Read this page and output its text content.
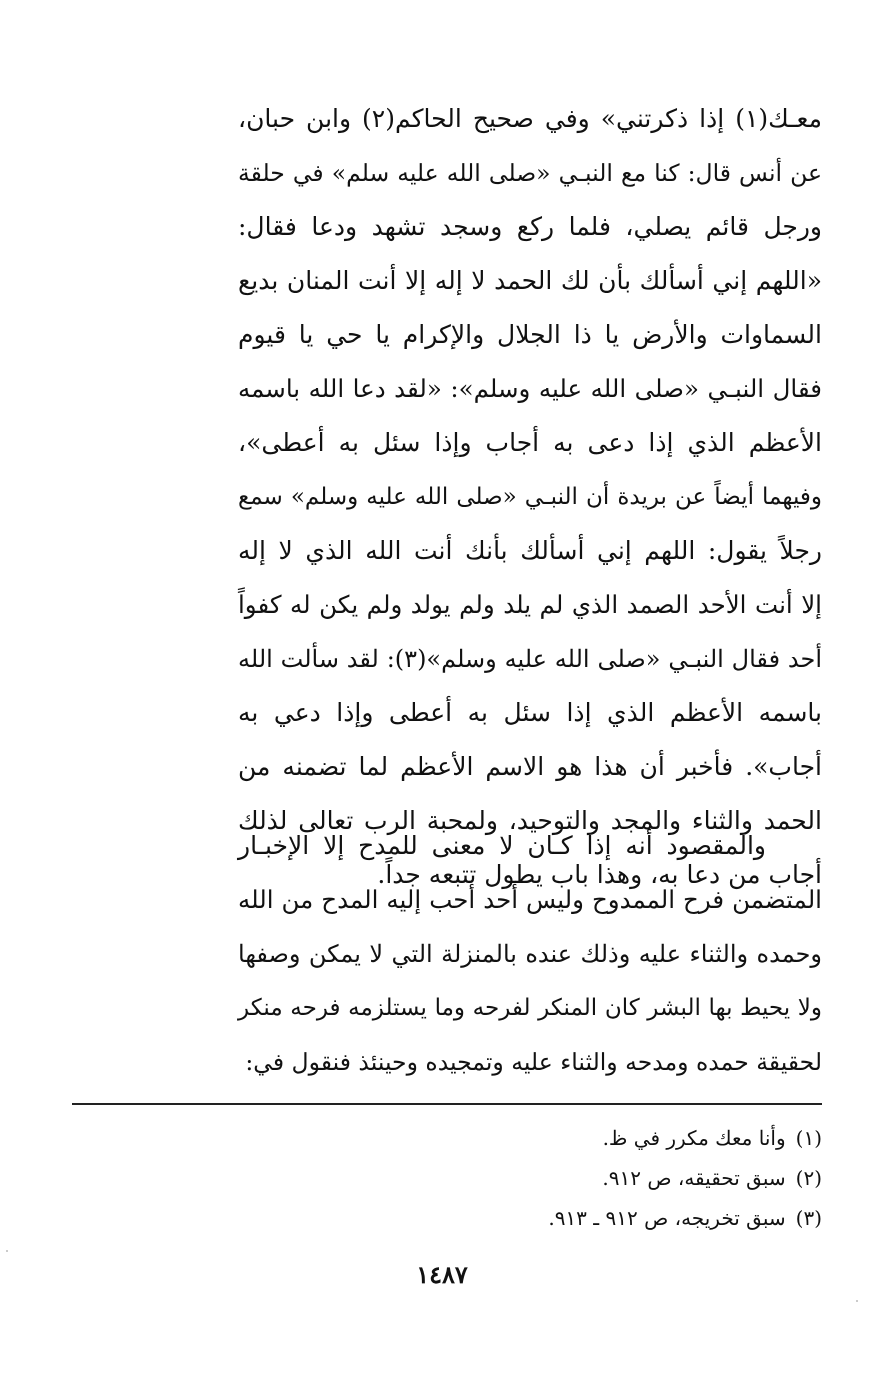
معـك(١) إذا ذكرتني» وفي صحيح الحاكم(٢) وابن حبان،
عن أنس قال: كنا مع النبـي «صلى الله عليه سلم» في حلقة
ورجل قائم يصلي، فلما ركع وسجد تشهد ودعا فقال:
«اللهم إني أسألك بأن لك الحمد لا إله إلا أنت المنان بديع
السماوات والأرض يا ذا الجلال والإكرام يا حي يا قيوم
فقال النبـي «صلى الله عليه وسلم»: «لقد دعا الله باسمه
الأعظم الذي إذا دعى به أجاب وإذا سئل به أعطى»،
وفيهما أيضاً عن بريدة أن النبـي «صلى الله عليه وسلم» سمع
رجلاً يقول: اللهم إني أسألك بأنك أنت الله الذي لا إله
إلا أنت الأحد الصمد الذي لم يلد ولم يولد ولم يكن له كفواً
أحد فقال النبـي «صلى الله عليه وسلم»(٣): لقد سألت الله
باسمه الأعظم الذي إذا سئل به أعطى وإذا دعي به
أجاب». فأخبر أن هذا هو الاسم الأعظم لما تضمنه من
الحمد والثناء والمجد والتوحيد، ولمحبة الرب تعالى لذلك
أجاب من دعا به، وهذا باب يطول تتبعه جداً.
والمقصود أنه إذا كـان لا معنى للمدح إلا الإخبـار
المتضمن فرح الممدوح وليس أحد أحب إليه المدح من الله
وحمده والثناء عليه وذلك عنده بالمنزلة التي لا يمكن وصفها
ولا يحيط بها البشر كان المنكر لفرحه وما يستلزمه فرحه منكر
لحقيقة حمده ومدحه والثناء عليه وتمجيده وحينئذ فنقول في:
(١)وأنا معك مكرر في ظ.
(٢)سبق تحقيقه، ص ٩١٢.
(٣)سبق تخريجه، ص ٩١٢ ـ ٩١٣.
١٤٨٧
